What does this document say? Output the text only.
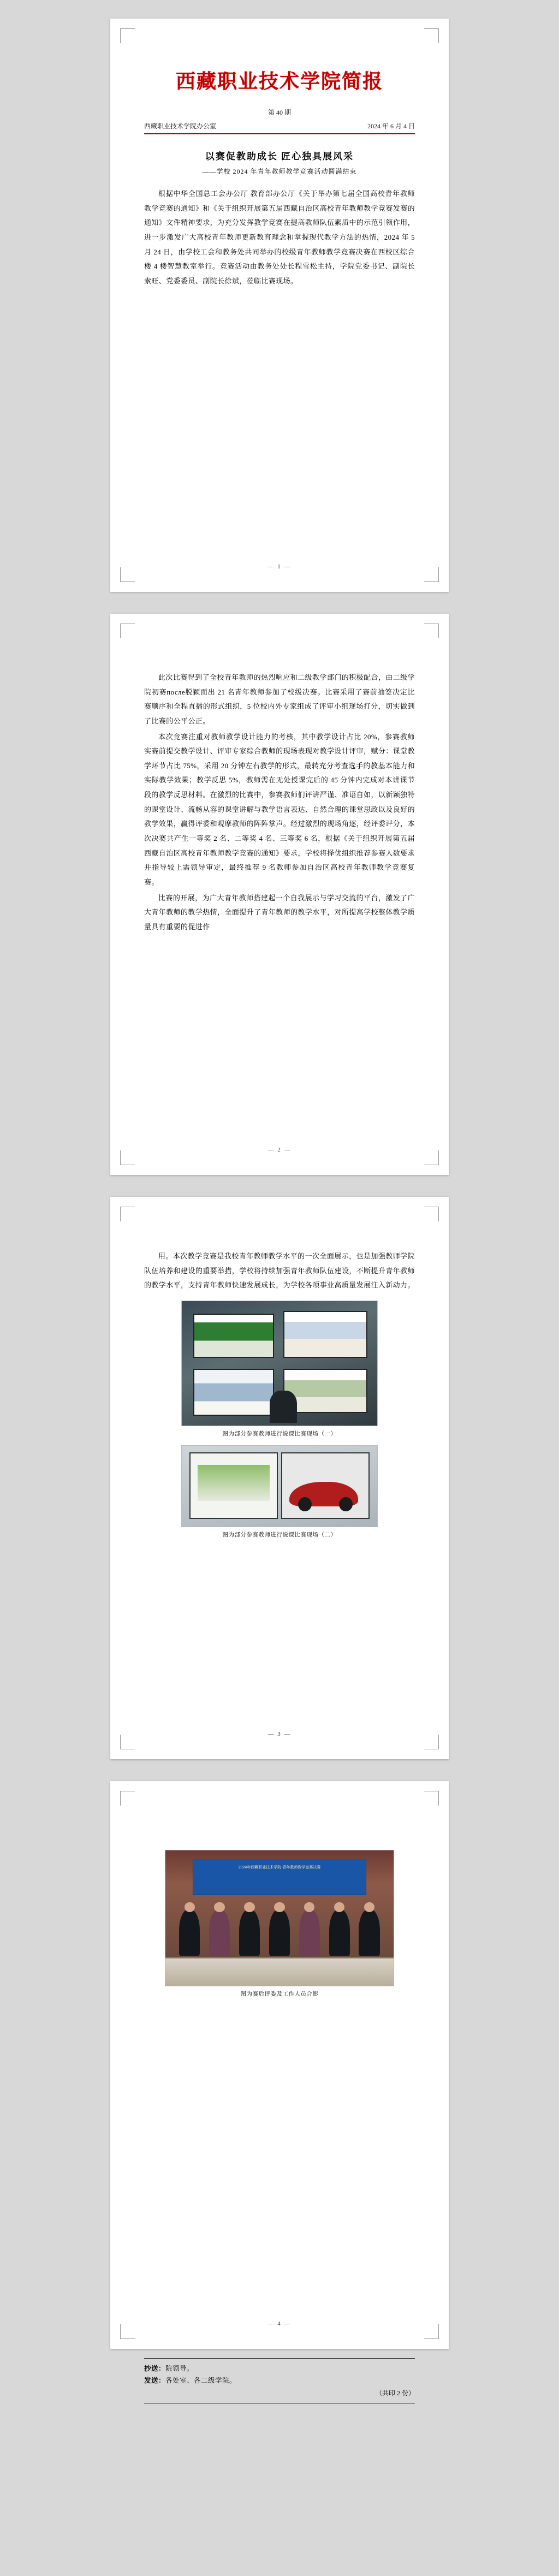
西藏职业技术学院简报
第 40 期
西藏职业技术学院办公室	2024 年 6 月 4 日
以赛促教助成长 匠心独具展风采
——学校 2024 年青年教师教学竞赛活动圆满结束

根据中华全国总工会办公厅 教育部办公厅《关于举办第七届全国高校青年教师教学竞赛的通知》和《关于组织开展第五届西藏自治区高校青年教师教学竞赛发赛的通知》文件精神要求，为充分发挥教学竞赛在提高教师队伍素质中的示范引领作用，进一步激发广大高校青年教师更新教育理念和掌握现代教学方法的热情，2024 年 5 月 24 日，由学校工会和教务处共同举办的校级青年教师教学竞赛决赛在西校区综合楼 4 楼智慧教室举行。竞赛活动由教务处处长程雪松主持，学院党委书记、副院长索旺、党委委员、副院长徐斌，莅临比赛现场。

— 1 —

此次比赛得到了全校青年教师的热烈响应和二级教学部门的积极配合，由二级学院初赛после脱颖而出 21 名青年教师参加了校级决赛。比赛采用了赛前抽签决定比赛顺序和全程直播的形式组织，5 位校内外专家组成了评审小组现场打分，切实做到了比赛的公平公正。

本次竞赛注重对教师教学设计能力的考核，其中教学设计占比 20%，参赛教师实赛前提交教学设计、评审专家综合教师的现场表现对教学设计评审，赋分：课堂教学环节占比 75%，采用 20 分钟左右教学的形式，最转充分考查选手的教基本能力和实际教学效果；教学反思 5%，教师需在无处授课完后的 45 分钟内完成对本讲课节段的教学反思材料。在激烈的比赛中，参赛教师们评讲严谨、准语自如，以新颖独特的课堂设计、流畅从容的课堂讲解与教学语言表达、自然合理的课堂思政以及良好的教学效果，赢得评委和观摩教师的阵阵掌声。经过激烈的现场角逐，经评委评分，本次决赛共产生一等奖 2 名、二等奖 4 名、三等奖 6 名，根据《关于组织开展第五届西藏自治区高校青年教师教学竞赛的通知》要求，学校将择优组织推荐参赛人数要求并指导较上需领导审定，最终推荐 9 名教师参加自治区高校青年教师教学竞赛复赛。

比赛的开展，为广大青年教师搭建起一个自我展示与学习交流的平台，激发了广大青年教师的教学热情，全面提升了青年教师的教学水平，对所提高学校整体教学质量具有重要的促进作

— 2 —

用。本次教学竞赛是我校青年教师教学水平的一次全面展示，也是加强教师学院队伍培养和建设的重要举措，学校将持续加强青年教师队伍建设，不断提升青年教师的教学水平，支持青年教师快速发展成长，为学校各项事业高质量发展注入新动力。

图为部分参赛教师进行说课比赛现场（一）
图为部分参赛教师进行说课比赛现场（二）
— 3 —
2024年西藏职业技术学院 青年教师教学竞赛决赛
图为赛后评委及工作人员合影
抄送：院领导。
发送：各处室、各二级学院。
（共印 2 份）
— 4 —
